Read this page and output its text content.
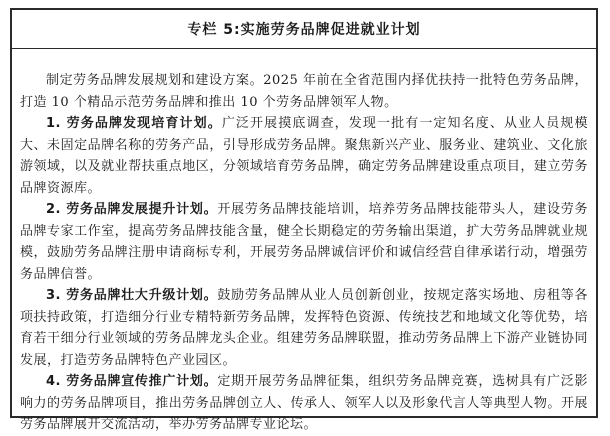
专栏 5:实施劳务品牌促进就业计划

制定劳务品牌发展规划和建设方案。2025 年前在全省范围内择优扶持一批特色劳务品牌，打造 10 个精品示范劳务品牌和推出 10 个劳务品牌领军人物。

1. 劳务品牌发现培育计划。广泛开展摸底调查，发现一批有一定知名度、从业人员规模大、未固定品牌名称的劳务产品，引导形成劳务品牌。聚焦新兴产业、服务业、建筑业、文化旅游领域，以及就业帮扶重点地区，分领域培育劳务品牌，确定劳务品牌建设重点项目，建立劳务品牌资源库。

2. 劳务品牌发展提升计划。开展劳务品牌技能培训，培养劳务品牌技能带头人，建设劳务品牌专家工作室，提高劳务品牌技能含量，健全长期稳定的劳务输出渠道，扩大劳务品牌就业规模，鼓励劳务品牌注册申请商标专利，开展劳务品牌诚信评价和诚信经营自律承诺行动，增强劳务品牌信誉。

3. 劳务品牌壮大升级计划。鼓励劳务品牌从业人员创新创业，按规定落实场地、房租等各项扶持政策，打造细分行业专精特新劳务品牌，发挥特色资源、传统技艺和地域文化等优势，培育若干细分行业领域的劳务品牌龙头企业。组建劳务品牌联盟，推动劳务品牌上下游产业链协同发展，打造劳务品牌特色产业园区。

4. 劳务品牌宣传推广计划。定期开展劳务品牌征集，组织劳务品牌竞赛，选树具有广泛影响力的劳务品牌项目，推出劳务品牌创立人、传承人、领军人以及形象代言人等典型人物。开展劳务品牌展开交流活动，举办劳务品牌专业论坛。
